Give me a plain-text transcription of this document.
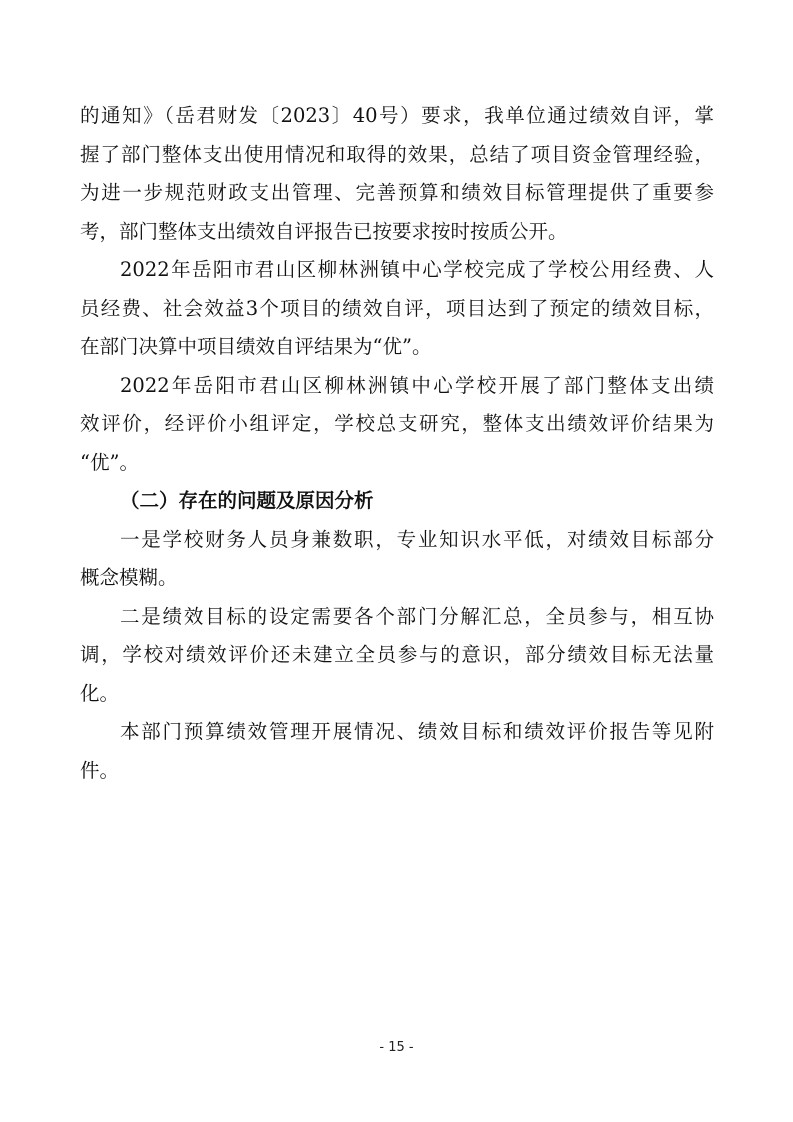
的通知》（岳君财发〔2023〕40号）要求，我单位通过绩效自评，掌
握了部门整体支出使用情况和取得的效果，总结了项目资金管理经验，
为进一步规范财政支出管理、完善预算和绩效目标管理提供了重要参
考，部门整体支出绩效自评报告已按要求按时按质公开。
2022年岳阳市君山区柳林洲镇中心学校完成了学校公用经费、人
员经费、社会效益3个项目的绩效自评，项目达到了预定的绩效目标，
在部门决算中项目绩效自评结果为“优”。
2022年岳阳市君山区柳林洲镇中心学校开展了部门整体支出绩
效评价，经评价小组评定，学校总支研究，整体支出绩效评价结果为
“优”。
（二）存在的问题及原因分析
一是学校财务人员身兼数职，专业知识水平低，对绩效目标部分
概念模糊。
二是绩效目标的设定需要各个部门分解汇总，全员参与，相互协
调，学校对绩效评价还未建立全员参与的意识，部分绩效目标无法量
化。
本部门预算绩效管理开展情况、绩效目标和绩效评价报告等见附
件。
- 15 -
